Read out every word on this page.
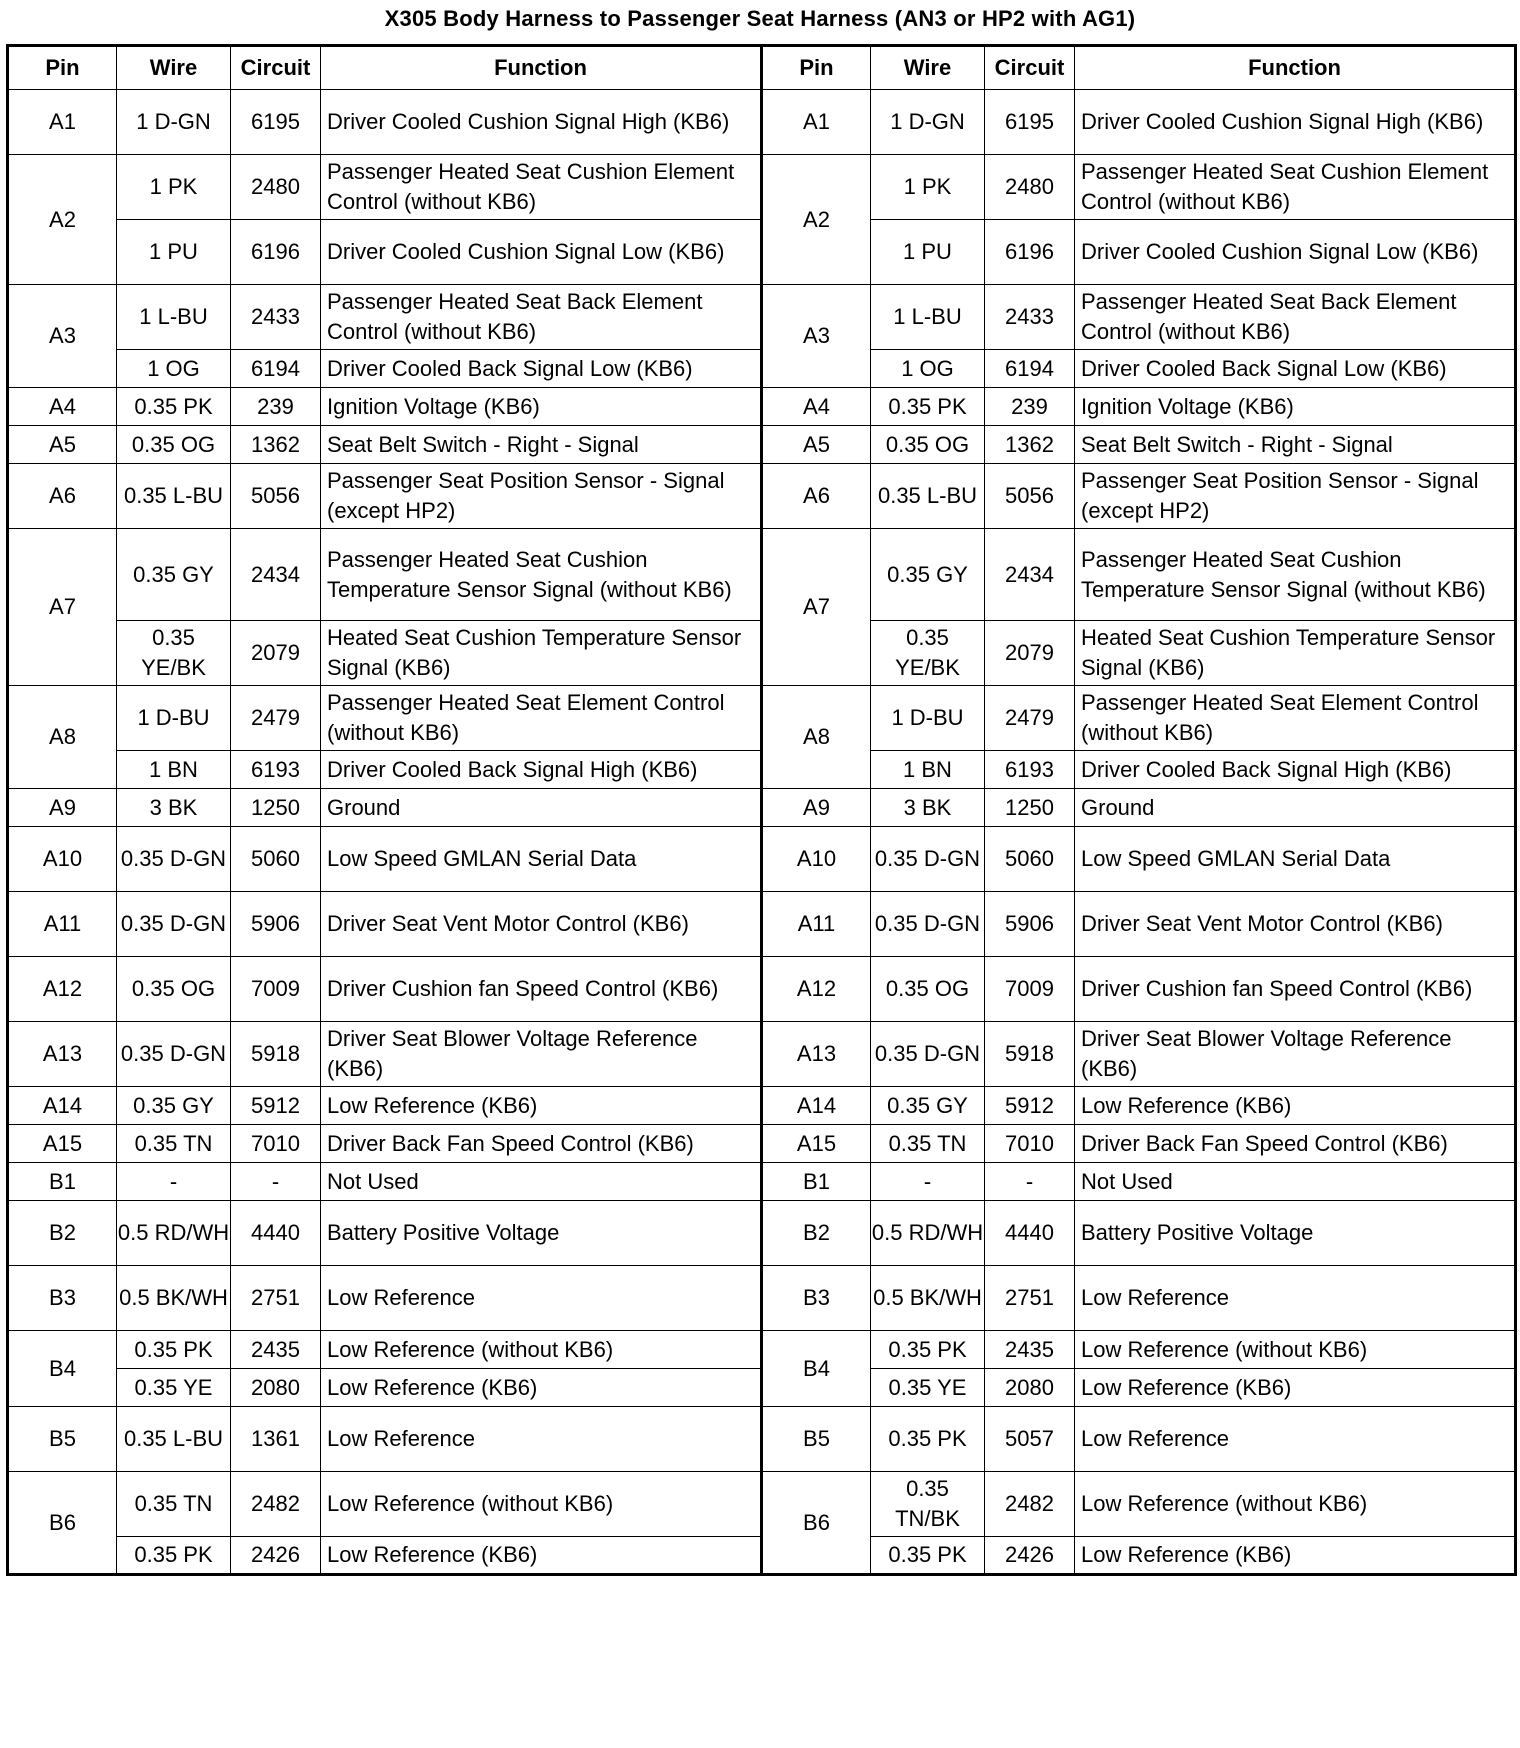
X305 Body Harness to Passenger Seat Harness (AN3 or HP2 with AG1)
Pin	Wire	Circuit	Function	Pin	Wire	Circuit	Function
A1	1 D-GN	6195	Driver Cooled Cushion Signal High (KB6)	A1	1 D-GN	6195	Driver Cooled Cushion Signal High (KB6)
A2	1 PK	2480	Passenger Heated Seat Cushion Element Control (without KB6)	A2	1 PK	2480	Passenger Heated Seat Cushion Element Control (without KB6)
	1 PU	6196	Driver Cooled Cushion Signal Low (KB6)		1 PU	6196	Driver Cooled Cushion Signal Low (KB6)
A3	1 L-BU	2433	Passenger Heated Seat Back Element Control (without KB6)	A3	1 L-BU	2433	Passenger Heated Seat Back Element Control (without KB6)
	1 OG	6194	Driver Cooled Back Signal Low (KB6)		1 OG	6194	Driver Cooled Back Signal Low (KB6)
A4	0.35 PK	239	Ignition Voltage (KB6)	A4	0.35 PK	239	Ignition Voltage (KB6)
A5	0.35 OG	1362	Seat Belt Switch - Right - Signal	A5	0.35 OG	1362	Seat Belt Switch - Right - Signal
A6	0.35 L-BU	5056	Passenger Seat Position Sensor - Signal (except HP2)	A6	0.35 L-BU	5056	Passenger Seat Position Sensor - Signal (except HP2)
A7	0.35 GY	2434	Passenger Heated Seat Cushion Temperature Sensor Signal (without KB6)	A7	0.35 GY	2434	Passenger Heated Seat Cushion Temperature Sensor Signal (without KB6)
	0.35 YE/BK	2079	Heated Seat Cushion Temperature Sensor Signal (KB6)		0.35 YE/BK	2079	Heated Seat Cushion Temperature Sensor Signal (KB6)
A8	1 D-BU	2479	Passenger Heated Seat Element Control (without KB6)	A8	1 D-BU	2479	Passenger Heated Seat Element Control (without KB6)
	1 BN	6193	Driver Cooled Back Signal High (KB6)		1 BN	6193	Driver Cooled Back Signal High (KB6)
A9	3 BK	1250	Ground	A9	3 BK	1250	Ground
A10	0.35 D-GN	5060	Low Speed GMLAN Serial Data	A10	0.35 D-GN	5060	Low Speed GMLAN Serial Data
A11	0.35 D-GN	5906	Driver Seat Vent Motor Control (KB6)	A11	0.35 D-GN	5906	Driver Seat Vent Motor Control (KB6)
A12	0.35 OG	7009	Driver Cushion fan Speed Control (KB6)	A12	0.35 OG	7009	Driver Cushion fan Speed Control (KB6)
A13	0.35 D-GN	5918	Driver Seat Blower Voltage Reference (KB6)	A13	0.35 D-GN	5918	Driver Seat Blower Voltage Reference (KB6)
A14	0.35 GY	5912	Low Reference (KB6)	A14	0.35 GY	5912	Low Reference (KB6)
A15	0.35 TN	7010	Driver Back Fan Speed Control (KB6)	A15	0.35 TN	7010	Driver Back Fan Speed Control (KB6)
B1	-	-	Not Used	B1	-	-	Not Used
B2	0.5 RD/WH	4440	Battery Positive Voltage	B2	0.5 RD/WH	4440	Battery Positive Voltage
B3	0.5 BK/WH	2751	Low Reference	B3	0.5 BK/WH	2751	Low Reference
B4	0.35 PK	2435	Low Reference (without KB6)	B4	0.35 PK	2435	Low Reference (without KB6)
	0.35 YE	2080	Low Reference (KB6)		0.35 YE	2080	Low Reference (KB6)
B5	0.35 L-BU	1361	Low Reference	B5	0.35 PK	5057	Low Reference
B6	0.35 TN	2482	Low Reference (without KB6)	B6	0.35 TN/BK	2482	Low Reference (without KB6)
	0.35 PK	2426	Low Reference (KB6)		0.35 PK	2426	Low Reference (KB6)
